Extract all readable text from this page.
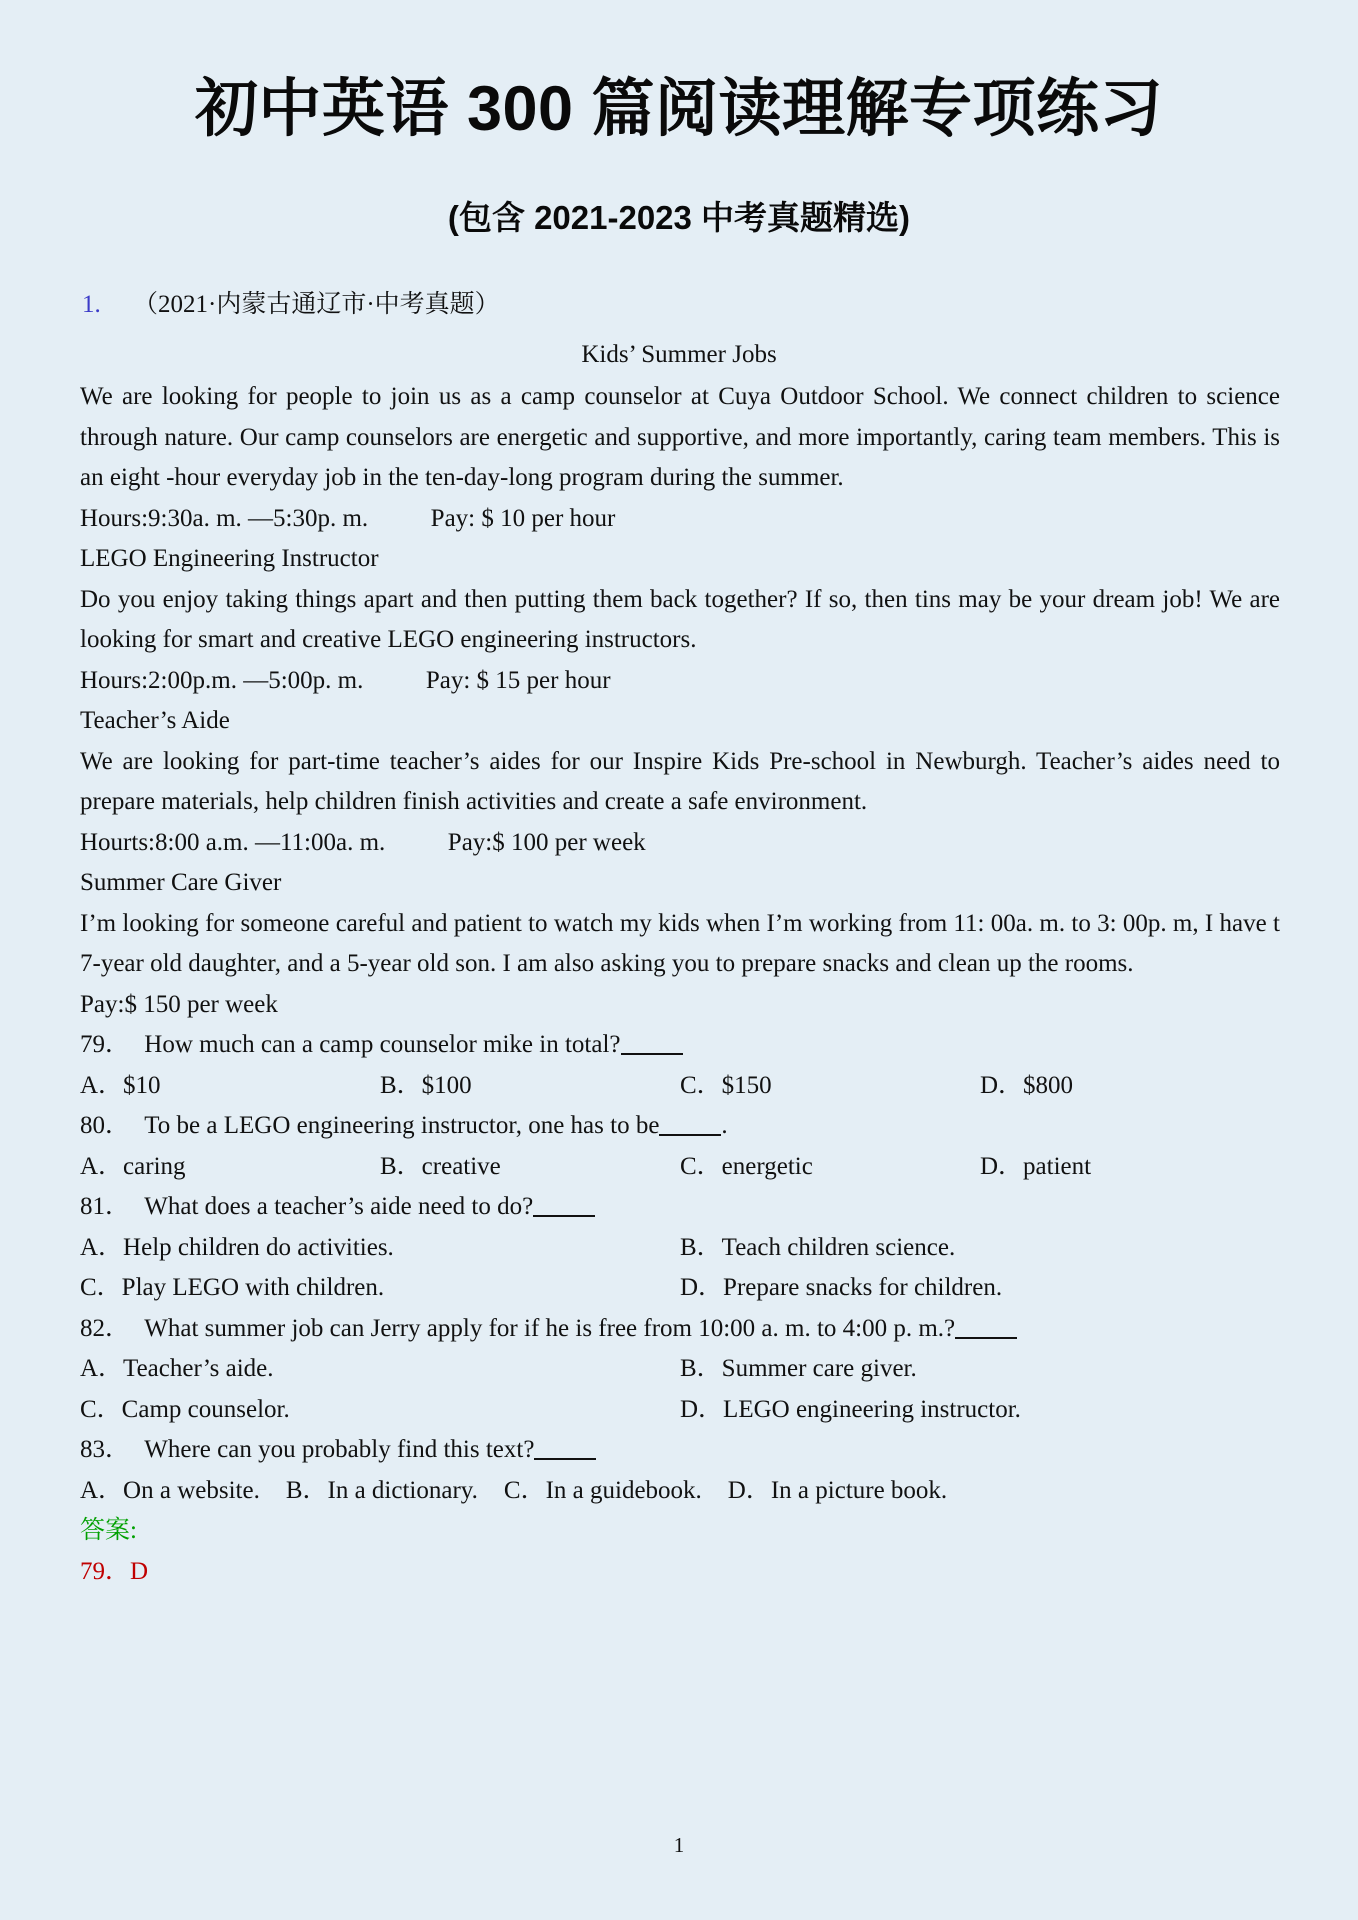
初中英语 300 篇阅读理解专项练习
(包含 2021-2023 中考真题精选)

1. （2021·内蒙古通辽市·中考真题）

Kids’ Summer Jobs

We are looking for people to join us as a camp counselor at Cuya Outdoor School. We connect children to science through nature. Our camp counselors are energetic and supportive, and more importantly, caring team members. This is an eight -hour everyday job in the ten-day-long program during the summer.

Hours:9:30a. m. —5:30p. m.          Pay: $ 10 per hour

LEGO Engineering Instructor

Do you enjoy taking things apart and then putting them back together? If so, then tins may be your dream job! We are looking for smart and creative LEGO engineering instructors.

Hours:2:00p.m. —5:00p. m.          Pay: $ 15 per hour

Teacher’s Aide

We are looking for part-time teacher’s aides for our Inspire Kids Pre-school in Newburgh. Teacher’s aides need to prepare materials, help children finish activities and create a safe environment.

Hourts:8:00 a.m. —11:00a. m.          Pay:$ 100 per week

Summer Care Giver

I’m looking for someone careful and patient to watch my kids when I’m working from 11: 00a. m. to 3: 00p. m, I have t 7-year old daughter, and a 5-year old son. I am also asking you to prepare snacks and clean up the rooms.

Pay:$ 150 per week

79． How much can a camp counselor mike in total?

A．$10	B．$100	C．$150	D．$800

80． To be a LEGO engineering instructor, one has to be .

A．caring	B．creative	C．energetic	D．patient

81． What does a teacher’s aide need to do?

A．Help children do activities.	B．Teach children science.

C．Play LEGO with children.	D．Prepare snacks for children.

82． What summer job can Jerry apply for if he is free from 10:00 a. m. to 4:00 p. m.?

A．Teacher’s aide.	B．Summer care giver.

C．Camp counselor.	D．LEGO engineering instructor.

83． Where can you probably find this text?

A．On a website. B．In a dictionary. C．In a guidebook. D．In a picture book.

答案:

79．D

1
